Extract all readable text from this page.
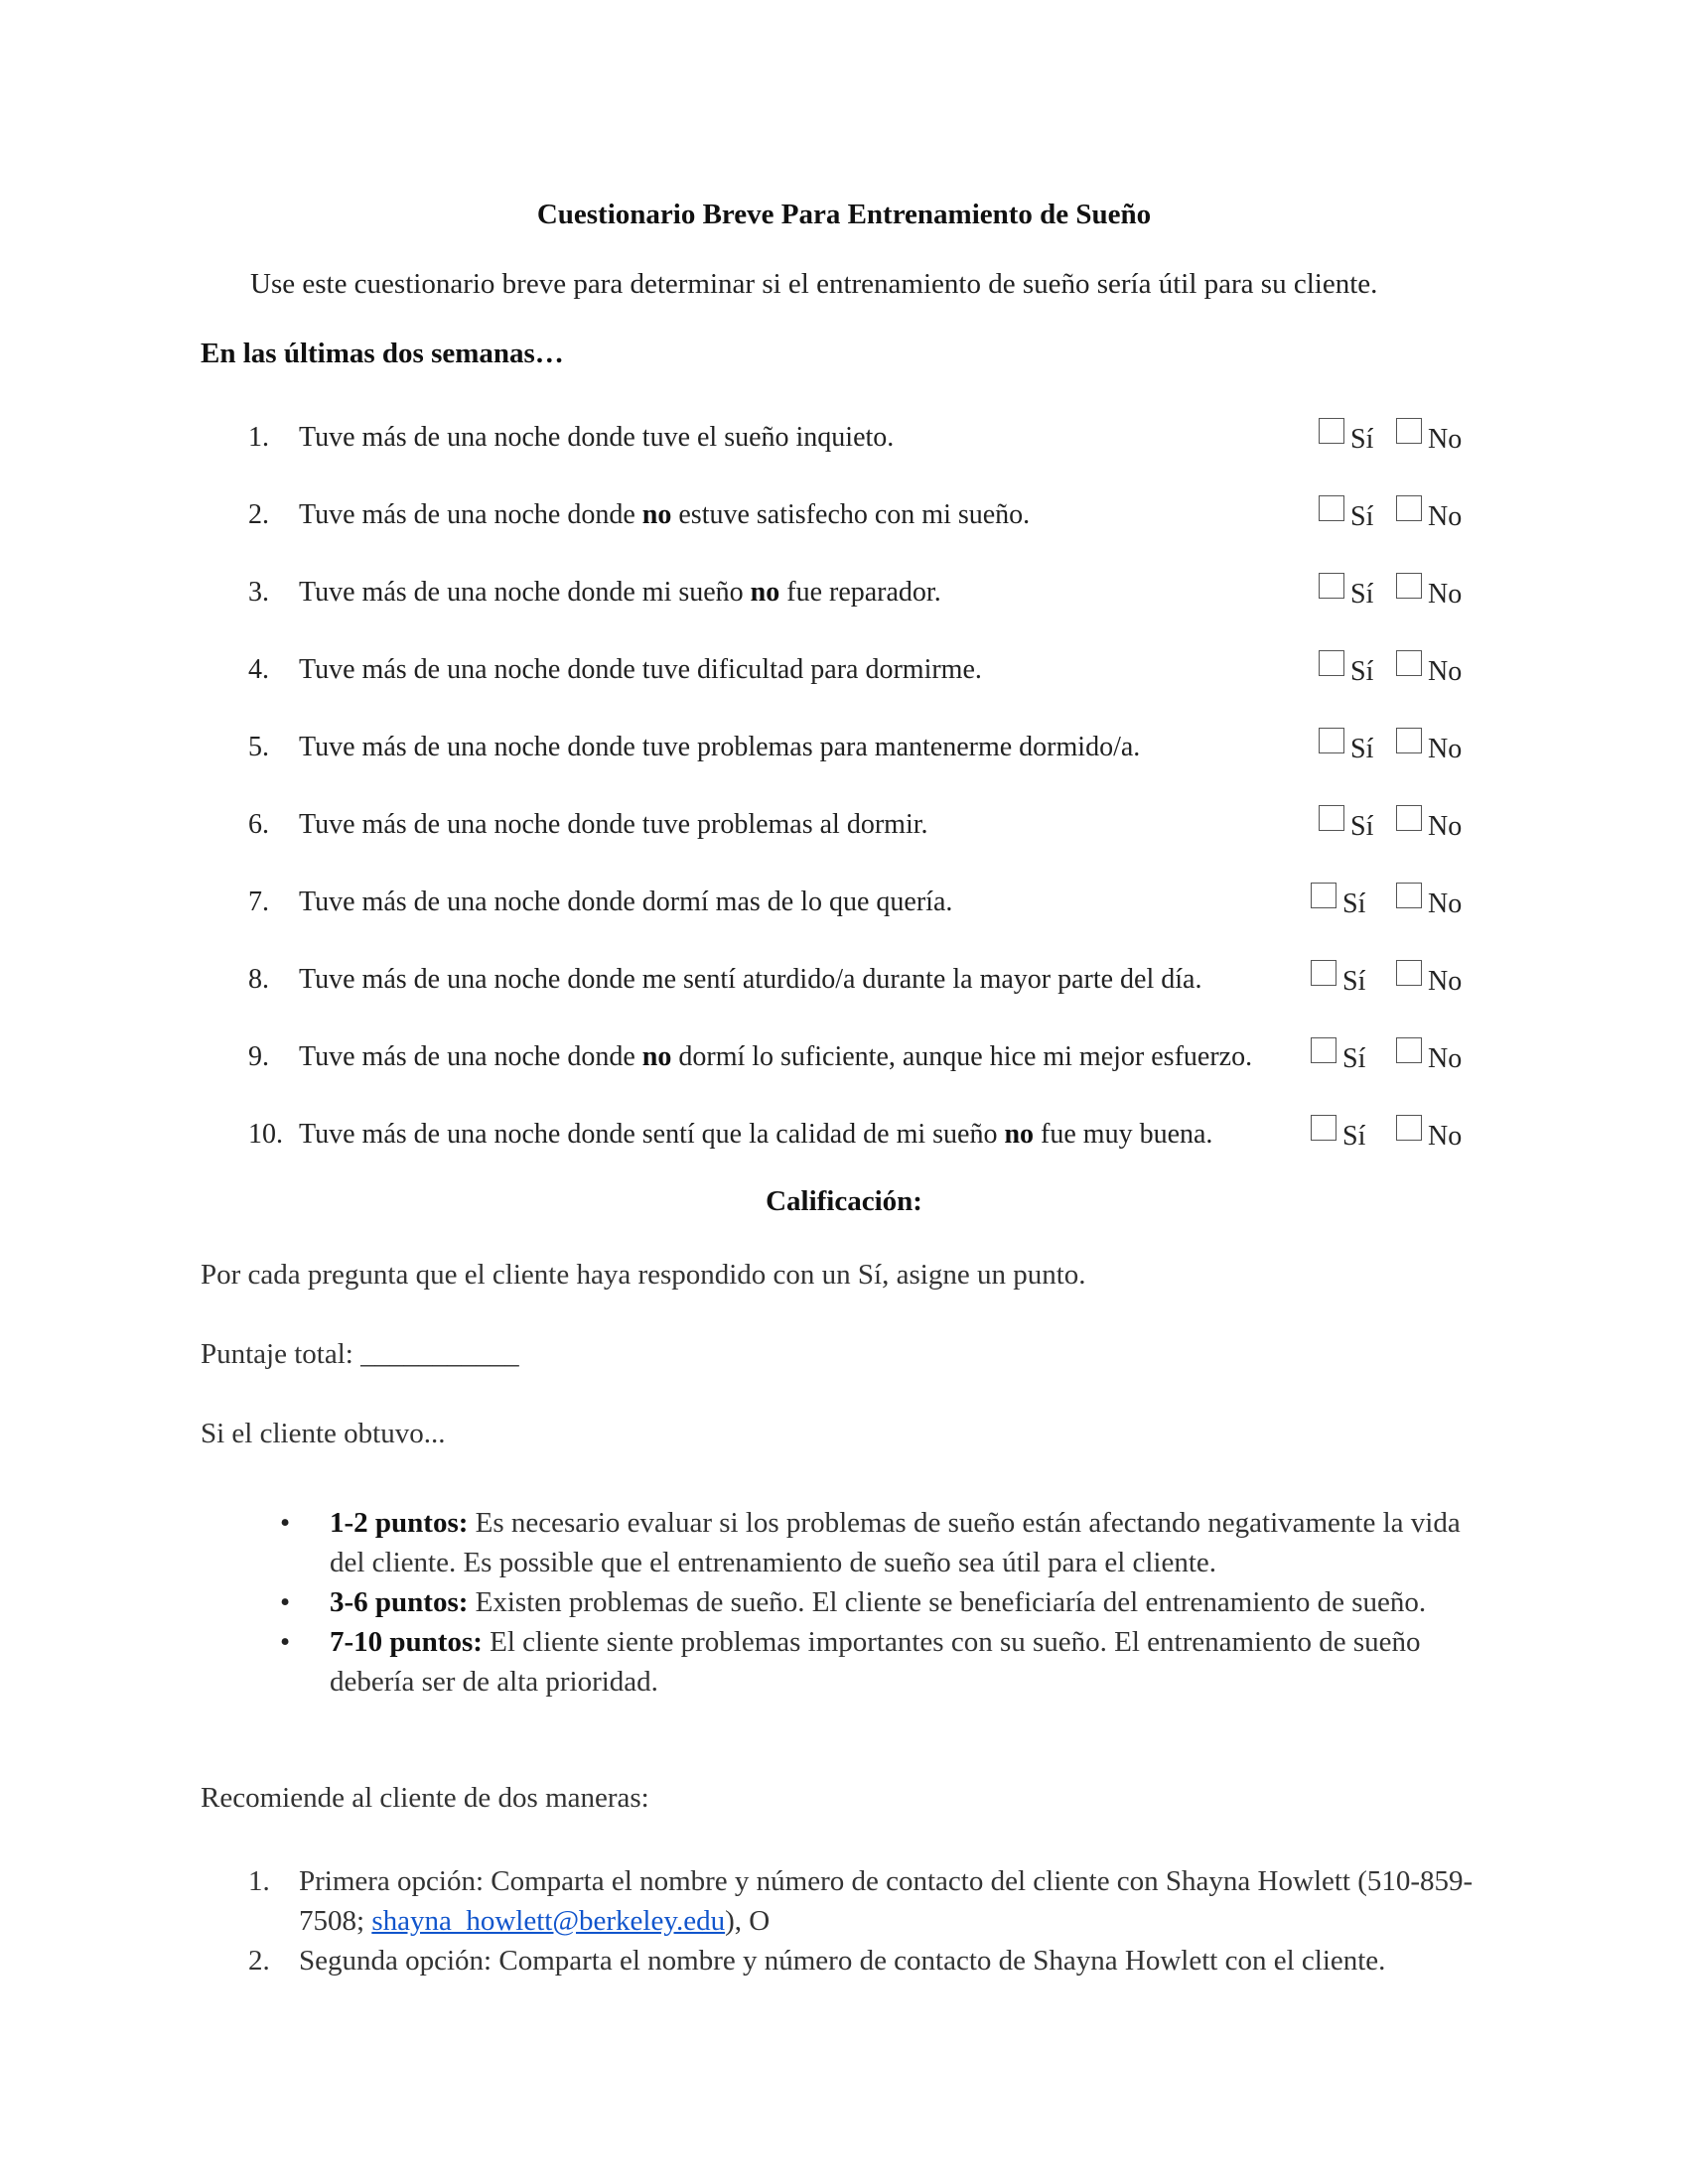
Cuestionario Breve Para Entrenamiento de Sueño
Use este cuestionario breve para determinar si el entrenamiento de sueño sería útil para su cliente.
En las últimas dos semanas…
1. Tuve más de una noche donde tuve el sueño inquieto.	Sí No
2. Tuve más de una noche donde no estuve satisfecho con mi sueño.	Sí No
3. Tuve más de una noche donde mi sueño no fue reparador.	Sí No
4. Tuve más de una noche donde tuve dificultad para dormirme.	Sí No
5. Tuve más de una noche donde tuve problemas para mantenerme dormido/a.	Sí No
6. Tuve más de una noche donde tuve problemas al dormir.	Sí No
7. Tuve más de una noche donde dormí mas de lo que quería.	Sí No
8. Tuve más de una noche donde me sentí aturdido/a durante la mayor parte del día.	Sí No
9. Tuve más de una noche donde no dormí lo suficiente, aunque hice mi mejor esfuerzo.	Sí No
10. Tuve más de una noche donde sentí que la calidad de mi sueño no fue muy buena.	Sí No
Calificación:
Por cada pregunta que el cliente haya respondido con un Sí, asigne un punto.
Puntaje total: ___________
Si el cliente obtuvo...
• 1-2 puntos: Es necesario evaluar si los problemas de sueño están afectando negativamente la vida del cliente. Es possible que el entrenamiento de sueño sea útil para el cliente.
• 3-6 puntos: Existen problemas de sueño. El cliente se beneficiaría del entrenamiento de sueño.
• 7-10 puntos: El cliente siente problemas importantes con su sueño. El entrenamiento de sueño debería ser de alta prioridad.
Recomiende al cliente de dos maneras:
1. Primera opción: Comparta el nombre y número de contacto del cliente con Shayna Howlett (510-859-7508; shayna_howlett@berkeley.edu), O
2. Segunda opción: Comparta el nombre y número de contacto de Shayna Howlett con el cliente.
